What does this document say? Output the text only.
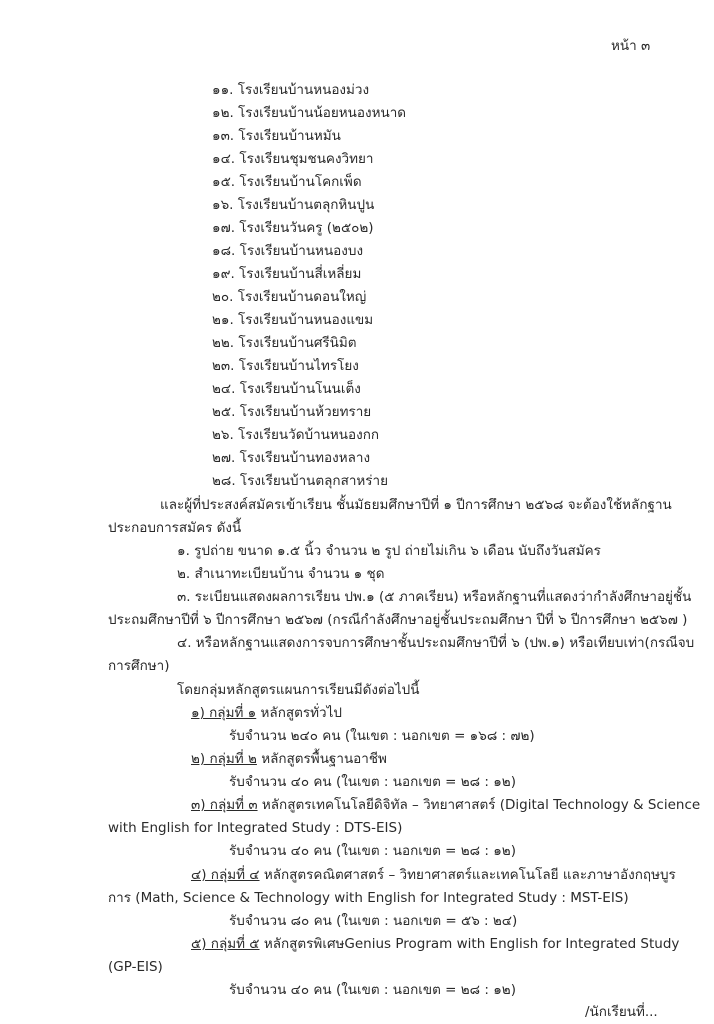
หน้า ๓
๑๑. โรงเรียนบ้านหนองม่วง
๑๒. โรงเรียนบ้านน้อยหนองหนาด
๑๓. โรงเรียนบ้านหมัน
๑๔. โรงเรียนชุมชนคงวิทยา
๑๕. โรงเรียนบ้านโคกเพ็ด
๑๖. โรงเรียนบ้านตลุกหินปูน
๑๗. โรงเรียนวันครู (๒๕๐๒)
๑๘. โรงเรียนบ้านหนองบง
๑๙. โรงเรียนบ้านสี่เหลี่ยม
๒๐. โรงเรียนบ้านดอนใหญ่
๒๑. โรงเรียนบ้านหนองแขม
๒๒. โรงเรียนบ้านศรีนิมิต
๒๓. โรงเรียนบ้านไทรโยง
๒๔. โรงเรียนบ้านโนนเต็ง
๒๕. โรงเรียนบ้านห้วยทราย
๒๖. โรงเรียนวัดบ้านหนองกก
๒๗. โรงเรียนบ้านทองหลาง
๒๘. โรงเรียนบ้านตลุกสาหร่าย
และผู้ที่ประสงค์สมัครเข้าเรียน ชั้นมัธยมศึกษาปีที่ ๑ ปีการศึกษา ๒๕๖๘ จะต้องใช้หลักฐาน
ประกอบการสมัคร ดังนี้
๑. รูปถ่าย ขนาด ๑.๕ นิ้ว จำนวน ๒ รูป ถ่ายไม่เกิน ๖ เดือน นับถึงวันสมัคร
๒. สำเนาทะเบียนบ้าน จำนวน ๑ ชุด
๓. ระเบียนแสดงผลการเรียน ปพ.๑ (๕ ภาคเรียน) หรือหลักฐานที่แสดงว่ากำลังศึกษาอยู่ชั้น
ประถมศึกษาปีที่ ๖ ปีการศึกษา ๒๕๖๗ (กรณีกำลังศึกษาอยู่ชั้นประถมศึกษา ปีที่ ๖ ปีการศึกษา ๒๕๖๗ )
๔. หรือหลักฐานแสดงการจบการศึกษาชั้นประถมศึกษาปีที่ ๖ (ปพ.๑) หรือเทียบเท่า(กรณีจบ
การศึกษา)
โดยกลุ่มหลักสูตรแผนการเรียนมีดังต่อไปนี้
๑) กลุ่มที่ ๑ หลักสูตรทั่วไป
รับจำนวน ๒๔๐ คน (ในเขต : นอกเขต = ๑๖๘ : ๗๒)
๒) กลุ่มที่ ๒ หลักสูตรพื้นฐานอาชีพ
รับจำนวน ๔๐ คน (ในเขต : นอกเขต = ๒๘ : ๑๒)
๓) กลุ่มที่ ๓ หลักสูตรเทคโนโลยีดิจิทัล – วิทยาศาสตร์ (Digital Technology & Science
with English for Integrated Study : DTS-EIS)
รับจำนวน ๔๐ คน (ในเขต : นอกเขต = ๒๘ : ๑๒)
๔) กลุ่มที่ ๔ หลักสูตรคณิตศาสตร์ – วิทยาศาสตร์และเทคโนโลยี และภาษาอังกฤษบูร
การ (Math, Science & Technology with English for Integrated Study : MST-EIS)
รับจำนวน ๘๐ คน (ในเขต : นอกเขต = ๕๖ : ๒๔)
๕) กลุ่มที่ ๕ หลักสูตรพิเศษGenius Program with English for Integrated Study
(GP-EIS)
รับจำนวน ๔๐ คน (ในเขต : นอกเขต = ๒๘ : ๑๒)
/นักเรียนที่...
